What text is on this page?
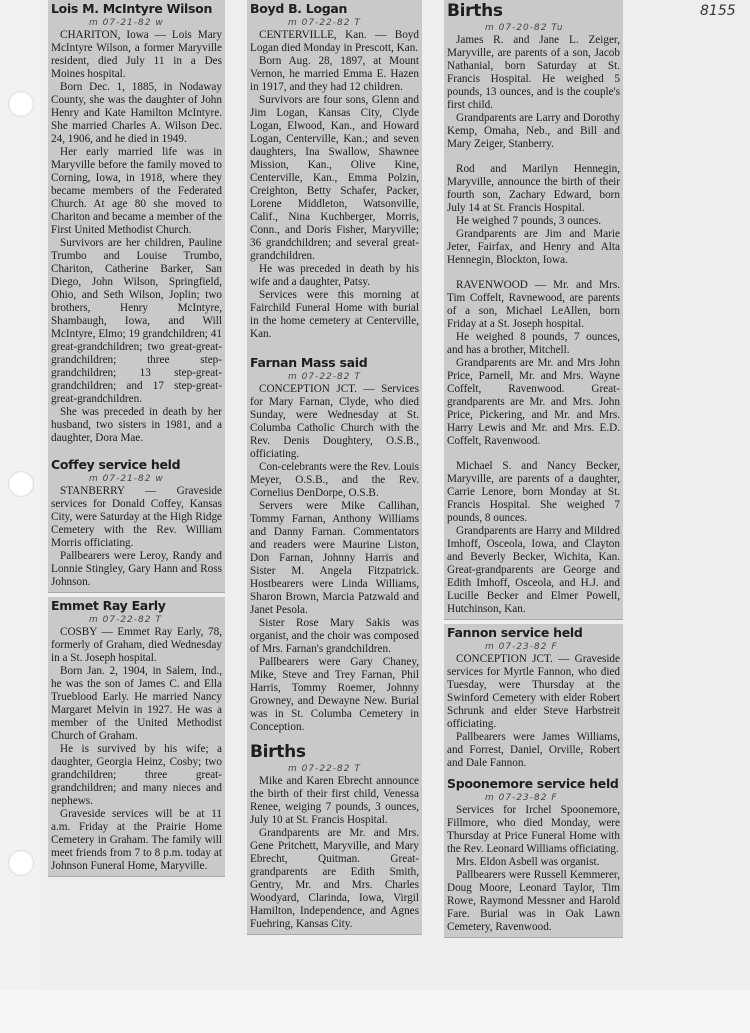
8155
Lois M. McIntyre Wilson
m 07-21-82 w

CHARITON, Iowa — Lois Mary McIntyre Wilson, a former Maryville resident, died July 11 in a Des Moines hospital.

Born Dec. 1, 1885, in Nodaway County, she was the daughter of John Henry and Kate Hamilton McIntyre. She married Charles A. Wilson Dec. 24, 1906, and he died in 1949.

Her early married life was in Maryville before the family moved to Corning, Iowa, in 1918, where they became members of the Federated Church. At age 80 she moved to Chariton and became a member of the First United Methodist Church.

Survivors are her children, Pauline Trumbo and Louise Trumbo, Chariton, Catherine Barker, San Diego, John Wilson, Springfield, Ohio, and Seth Wilson, Joplin; two brothers, Henry McIntyre, Shambaugh, Iowa, and Will McIntyre, Elmo; 19 grandchildren; 41 great-grandchildren; two great-great-grandchildren; three step-grandchildren; 13 step-great-grandchildren; and 17 step-great-great-grandchildren.

She was preceded in death by her husband, two sisters in 1981, and a daughter, Dora Mae.

Coffey service held
m 07-21-82 w

STANBERRY — Graveside services for Donald Coffey, Kansas City, were Saturday at the High Ridge Cemetery with the Rev. William Morris officiating.

Pallbearers were Leroy, Randy and Lonnie Stingley, Gary Hann and Ross Johnson.

Emmet Ray Early
m 07-22-82 T

COSBY — Emmet Ray Early, 78, formerly of Graham, died Wednesday in a St. Joseph hospital.

Born Jan. 2, 1904, in Salem, Ind., he was the son of James C. and Ella Trueblood Early. He married Nancy Margaret Melvin in 1927. He was a member of the United Methodist Church of Graham.

He is survived by his wife; a daughter, Georgia Heinz, Cosby; two grandchildren; three great-grandchildren; and many nieces and nephews.

Graveside services will be at 11 a.m. Friday at the Prairie Home Cemetery in Graham. The family will meet friends from 7 to 8 p.m. today at Johnson Funeral Home, Maryville.

Boyd B. Logan
m 07-22-82 T

CENTERVILLE, Kan. — Boyd Logan died Monday in Prescott, Kan.

Born Aug. 28, 1897, at Mount Vernon, he married Emma E. Hazen in 1917, and they had 12 children.

Survivors are four sons, Glenn and Jim Logan, Kansas City, Clyde Logan, Elwood, Kan., and Howard Logan, Centerville, Kan.; and seven daughters, Ina Swallow, Shawnee Mission, Kan., Olive Kine, Centerville, Kan., Emma Polzin, Creighton, Betty Schafer, Packer, Lorene Middleton, Watsonville, Calif., Nina Kuchberger, Morris, Conn., and Doris Fisher, Maryville; 36 grandchildren; and several great-grandchildren.

He was preceded in death by his wife and a daughter, Patsy.

Services were this morning at Fairchild Funeral Home with burial in the home cemetery at Centerville, Kan.

Farnan Mass said
m 07-22-82 T

CONCEPTION JCT. — Services for Mary Farnan, Clyde, who died Sunday, were Wednesday at St. Columba Catholic Church with the Rev. Denis Doughtery, O.S.B., officiating.

Con-celebrants were the Rev. Louis Meyer, O.S.B., and the Rev. Cornelius DenDorpe, O.S.B.

Servers were Mike Callihan, Tommy Farnan, Anthony Williams and Danny Farnan. Commentators and readers were Maurine Liston, Don Farnan, Johnny Harris and Sister M. Angela Fitzpatrick. Hostbearers were Linda Williams, Sharon Brown, Marcia Patzwald and Janet Pesola.

Sister Rose Mary Sakis was organist, and the choir was composed of Mrs. Farnan's grandchildren.

Pallbearers were Gary Chaney, Mike, Steve and Trey Farnan, Phil Harris, Tommy Roemer, Johnny Growney, and Dewayne New. Burial was in St. Columba Cemetery in Conception.

Births
m 07-22-82 T

Mike and Karen Ebrecht announce the birth of their first child, Venessa Renee, weiging 7 pounds, 3 ounces, July 10 at St. Francis Hospital.

Grandparents are Mr. and Mrs. Gene Pritchett, Maryville, and Mary Ebrecht, Quitman. Great-grandparents are Edith Smith, Gentry, Mr. and Mrs. Charles Woodyard, Clarinda, Iowa, Virgil Hamilton, Independence, and Agnes Fuehring, Kansas City.

Births
m 07-20-82 Tu

James R. and Jane L. Zeiger, Maryville, are parents of a son, Jacob Nathanial, born Saturday at St. Francis Hospital. He weighed 5 pounds, 13 ounces, and is the couple's first child.

Grandparents are Larry and Dorothy Kemp, Omaha, Neb., and Bill and Mary Zeiger, Stanberry.

Rod and Marilyn Hennegin, Maryville, announce the birth of their fourth son, Zachary Edward, born July 14 at St. Francis Hospital.

He weighed 7 pounds, 3 ounces.

Grandparents are Jim and Marie Jeter, Fairfax, and Henry and Alta Hennegin, Blockton, Iowa.

RAVENWOOD — Mr. and Mrs. Tim Coffelt, Ravnewood, are parents of a son, Michael LeAllen, born Friday at a St. Joseph hospital.

He weighed 8 pounds, 7 ounces, and has a brother, Mitchell.

Grandparents are Mr. and Mrs John Price, Parnell, Mr. and Mrs. Wayne Coffelt, Ravenwood. Great-grandparents are Mr. and Mrs. John Price, Pickering, and Mr. and Mrs. Harry Lewis and Mr. and Mrs. E.D. Coffelt, Ravenwood.

Michael S. and Nancy Becker, Maryville, are parents of a daughter, Carrie Lenore, born Monday at St. Francis Hospital. She weighed 7 pounds, 8 ounces.

Grandparents are Harry and Mildred Imhoff, Osceola, Iowa, and Clayton and Beverly Becker, Wichita, Kan. Great-grandparents are George and Edith Imhoff, Osceola, and H.J. and Lucille Becker and Elmer Powell, Hutchinson, Kan.

Fannon service held
m 07-23-82 F

CONCEPTION JCT. — Graveside services for Myrtle Fannon, who died Tuesday, were Thursday at the Swinford Cemetery with elder Robert Schrunk and elder Steve Harbstreit officiating.

Pallbearers were James Williams, and Forrest, Daniel, Orville, Robert and Dale Fannon.

Spoonemore service held
m 07-23-82 F

Services for Irchel Spoonemore, Fillmore, who died Monday, were Thursday at Price Funeral Home with the Rev. Leonard Williams officiating.

Mrs. Eldon Asbell was organist.

Pallbearers were Russell Kemmerer, Doug Moore, Leonard Taylor, Tim Rowe, Raymond Messner and Harold Fare. Burial was in Oak Lawn Cemetery, Ravenwood.
